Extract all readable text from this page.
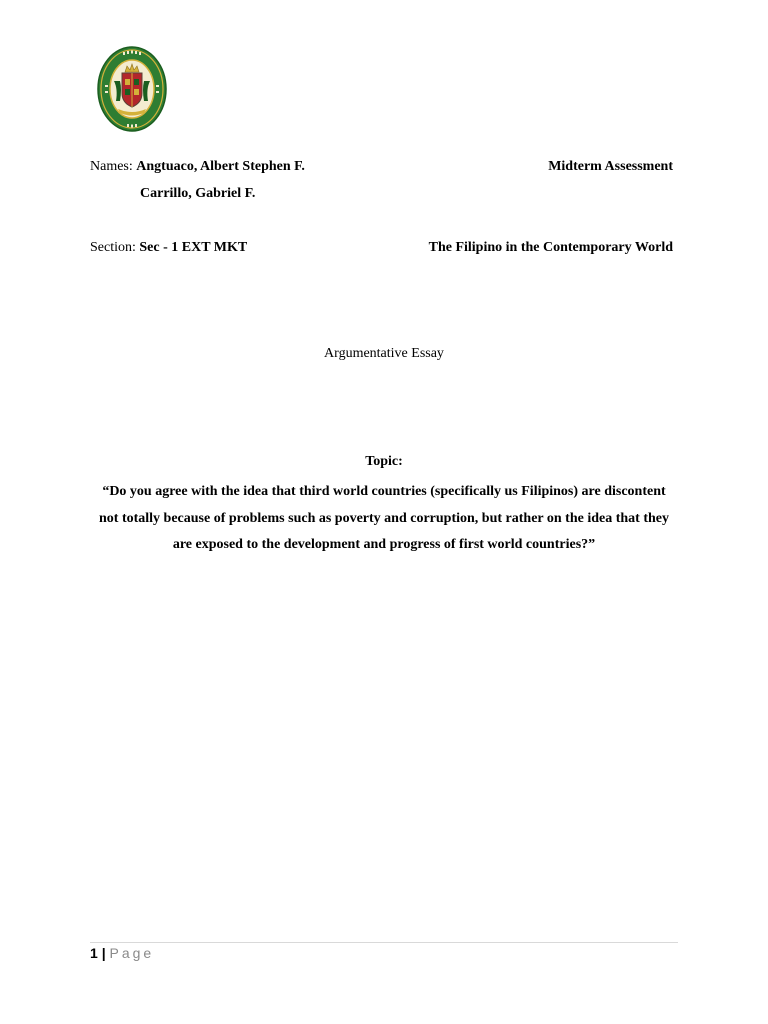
Names: Angtuaco, Albert Stephen F.
Carrillo, Gabriel F.
Midterm Assessment
Section: Sec - 1 EXT MKT	The Filipino in the Contemporary World
Argumentative Essay
Topic:
“Do you agree with the idea that third world countries (specifically us Filipinos) are discontent not totally because of problems such as poverty and corruption, but rather on the idea that they are exposed to the development and progress of first world countries?”
1 | Page
